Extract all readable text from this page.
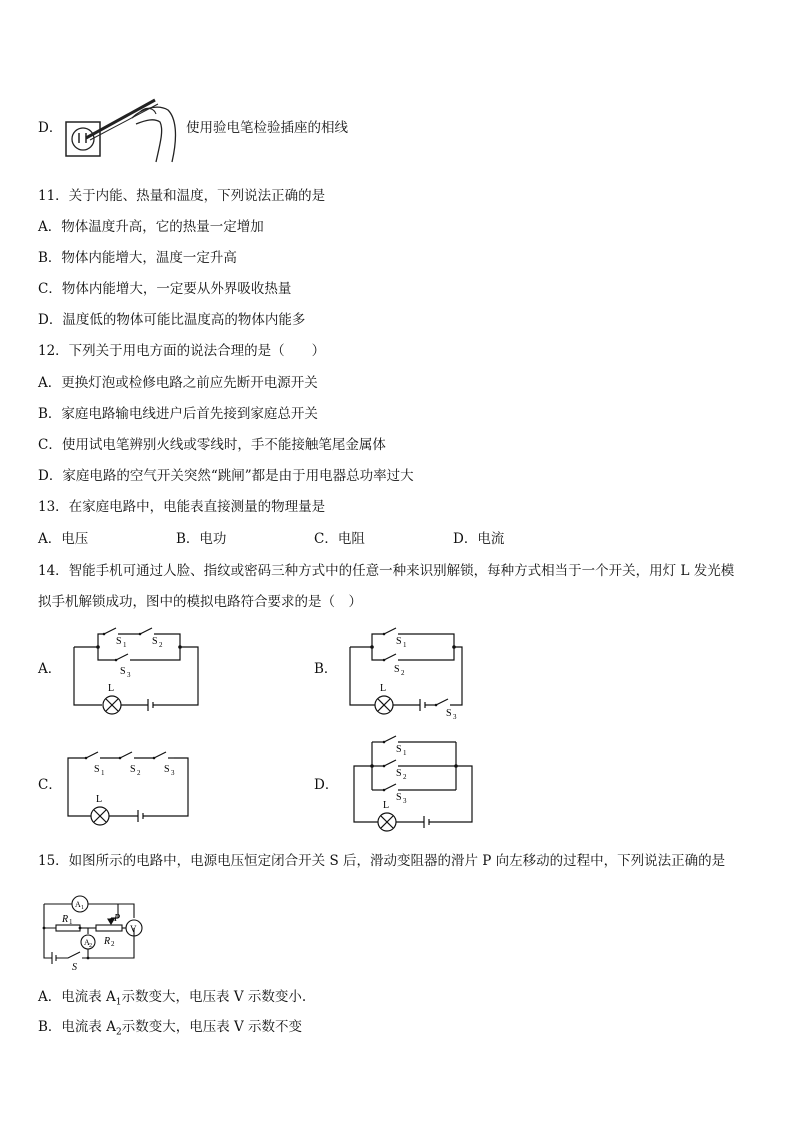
D．	使用验电笔检验插座的相线
11．关于内能、热量和温度，下列说法正确的是
A．物体温度升高，它的热量一定增加
B．物体内能增大，温度一定升高
C．物体内能增大，一定要从外界吸收热量
D．温度低的物体可能比温度高的物体内能多
12．下列关于用电方面的说法合理的是（　　）
A．更换灯泡或检修电路之前应先断开电源开关
B．家庭电路输电线进户后首先接到家庭总开关
C．使用试电笔辨别火线或零线时，手不能接触笔尾金属体
D．家庭电路的空气开关突然“跳闸”都是由于用电器总功率过大
13．在家庭电路中，电能表直接测量的物理量是
A．电压	B．电功	C．电阻	D．电流
14．智能手机可通过人脸、指纹或密码三种方式中的任意一种来识别解锁，每种方式相当于一个开关，用灯 L 发光模
拟手机解锁成功，图中的模拟电路符合要求的是（　）
A．
S 1	S 2
S 3
L
B．
S 1
S 2
S 3
L
C．
S 1	S 2 S 3
L
D．
S 1
S 2
S 3
L
15．如图所示的电路中，电源电压恒定闭合开关 S 后，滑动变阻器的滑片 P 向左移动的过程中，下列说法正确的是
A 1
A 2
V
R 1
R 2
P
S
A．电流表 $A_1$示数变大，电压表 V 示数变小.
B．电流表 $A_2$示数变大，电压表 V 示数不变
